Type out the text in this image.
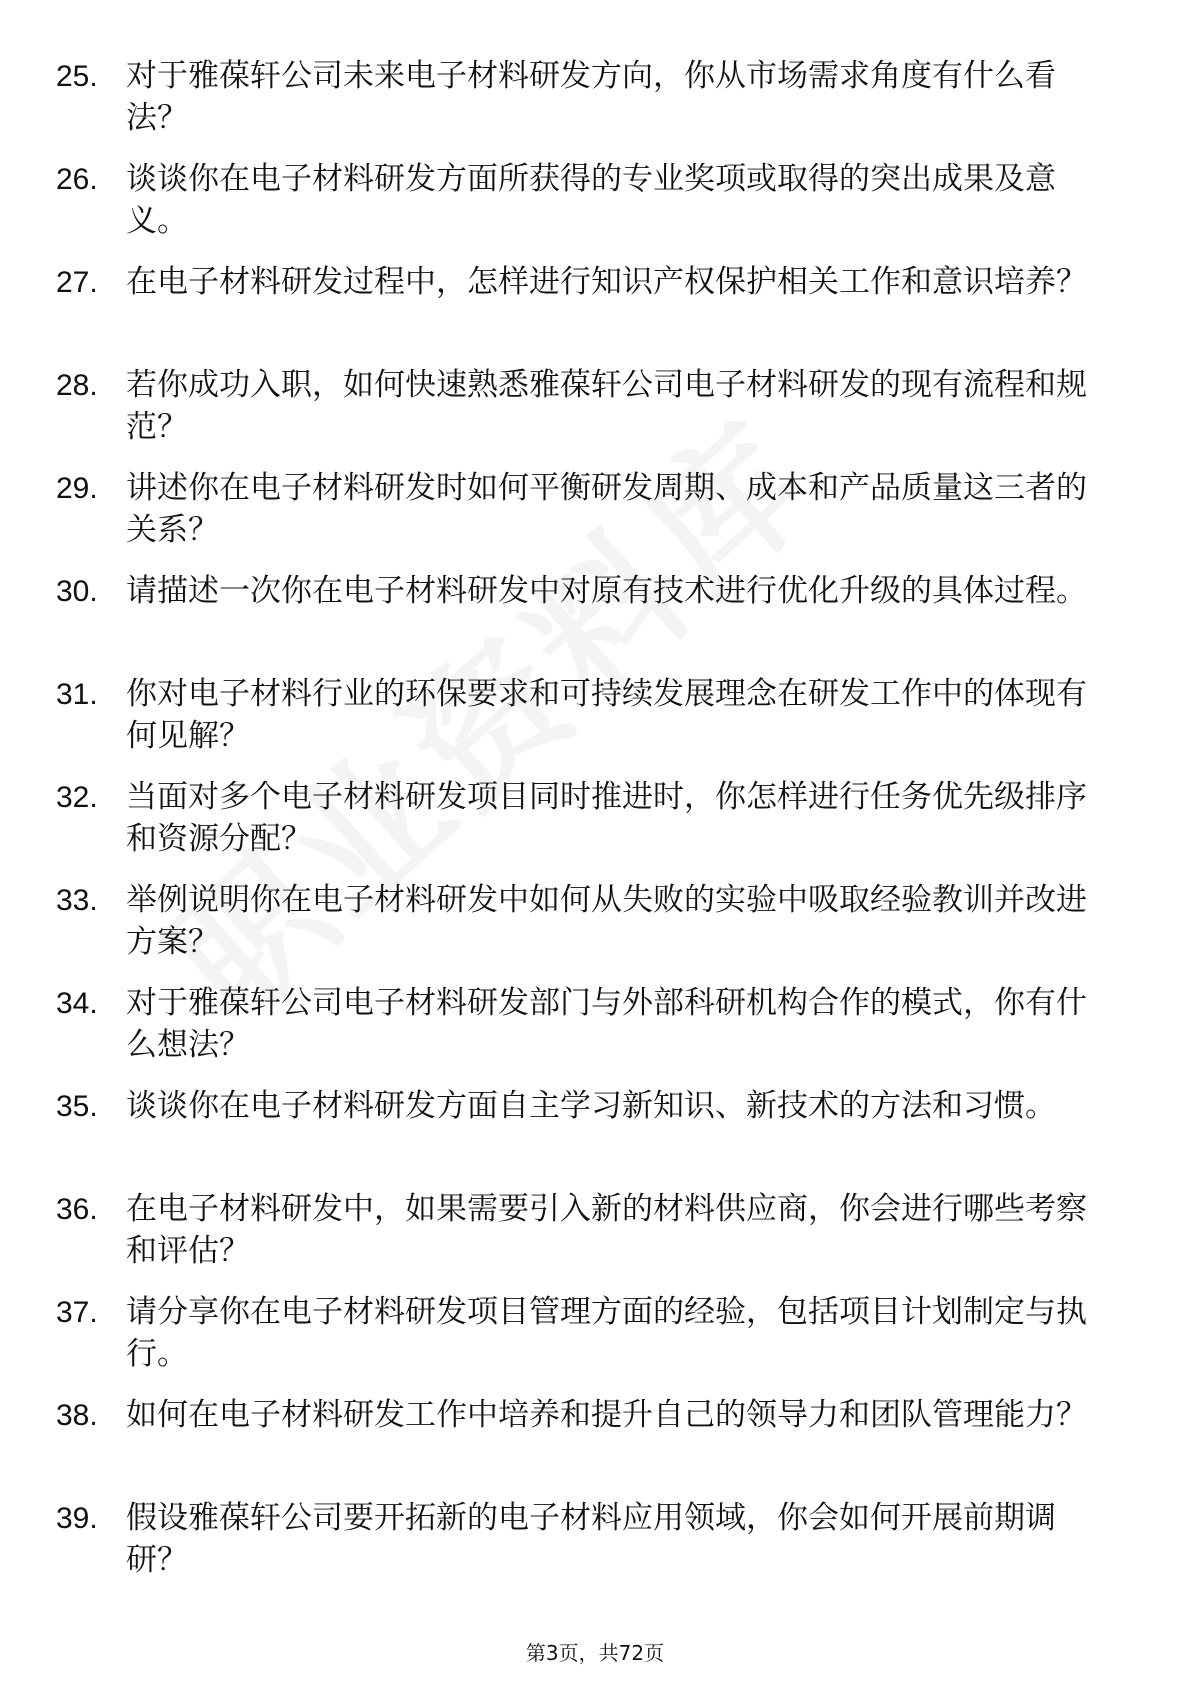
25. 对于雅葆轩公司未来电子材料研发方向，你从市场需求角度有什么看法？
26. 谈谈你在电子材料研发方面所获得的专业奖项或取得的突出成果及意义。
27. 在电子材料研发过程中，怎样进行知识产权保护相关工作和意识培养？
28. 若你成功入职，如何快速熟悉雅葆轩公司电子材料研发的现有流程和规范？
29. 讲述你在电子材料研发时如何平衡研发周期、成本和产品质量这三者的关系？
30. 请描述一次你在电子材料研发中对原有技术进行优化升级的具体过程。
31. 你对电子材料行业的环保要求和可持续发展理念在研发工作中的体现有何见解？
32. 当面对多个电子材料研发项目同时推进时，你怎样进行任务优先级排序和资源分配？
33. 举例说明你在电子材料研发中如何从失败的实验中吸取经验教训并改进方案？
34. 对于雅葆轩公司电子材料研发部门与外部科研机构合作的模式，你有什么想法？
35. 谈谈你在电子材料研发方面自主学习新知识、新技术的方法和习惯。
36. 在电子材料研发中，如果需要引入新的材料供应商，你会进行哪些考察和评估？
37. 请分享你在电子材料研发项目管理方面的经验，包括项目计划制定与执行。
38. 如何在电子材料研发工作中培养和提升自己的领导力和团队管理能力？
39. 假设雅葆轩公司要开拓新的电子材料应用领域，你会如何开展前期调研？
第3页，共72页
